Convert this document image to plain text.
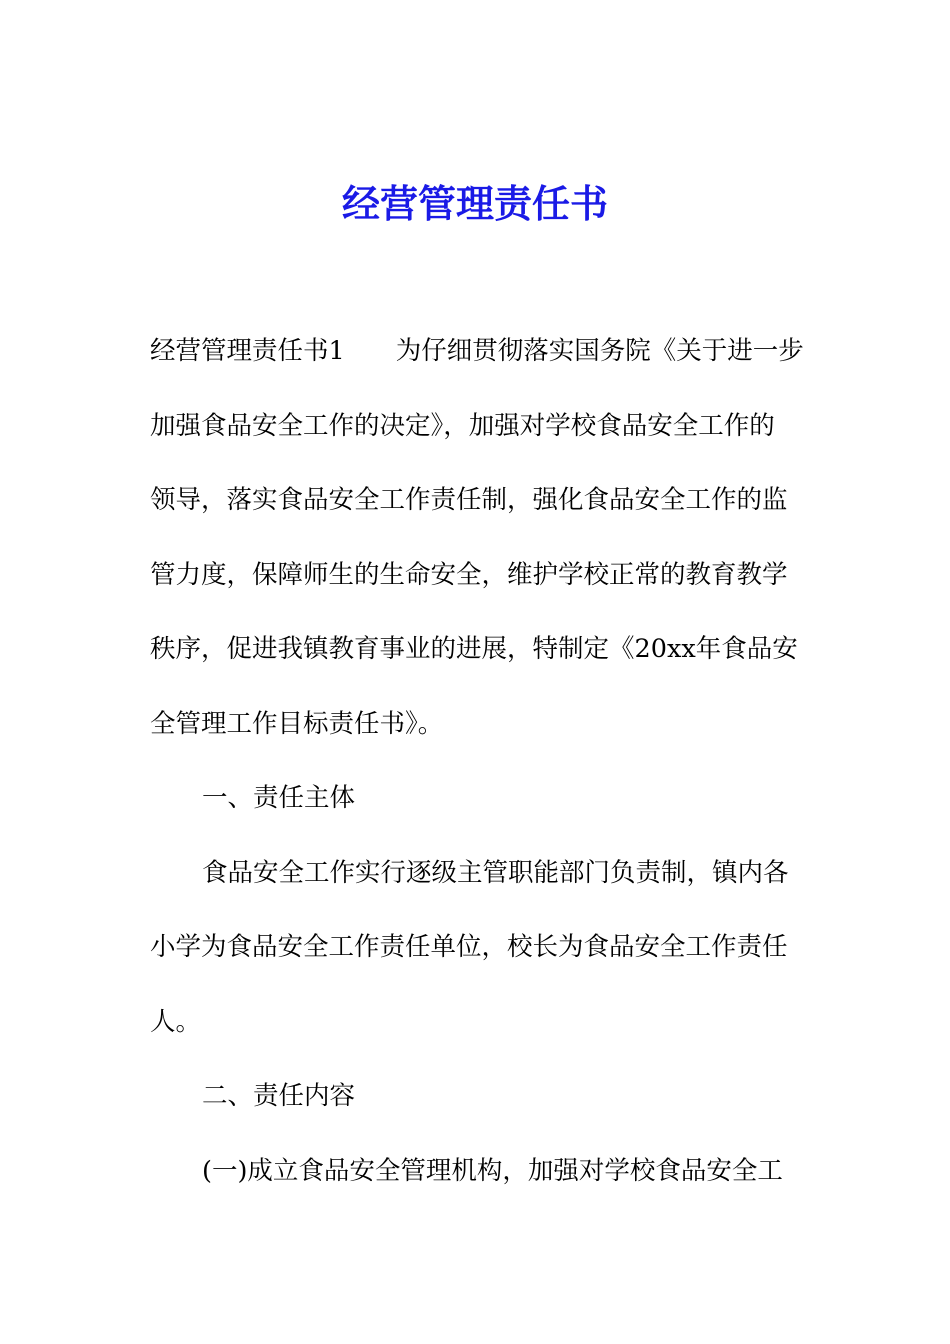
经营管理责任书
经营管理责任书1　　为仔细贯彻落实国务院《关于进一步
加强食品安全工作的决定》，加强对学校食品安全工作的
领导，落实食品安全工作责任制，强化食品安全工作的监
管力度，保障师生的生命安全，维护学校正常的教育教学
秩序，促进我镇教育事业的进展，特制定《20xx年食品安
全管理工作目标责任书》。
一、责任主体
食品安全工作实行逐级主管职能部门负责制，镇内各
小学为食品安全工作责任单位，校长为食品安全工作责任
人。
二、责任内容
(一)成立食品安全管理机构，加强对学校食品安全工
